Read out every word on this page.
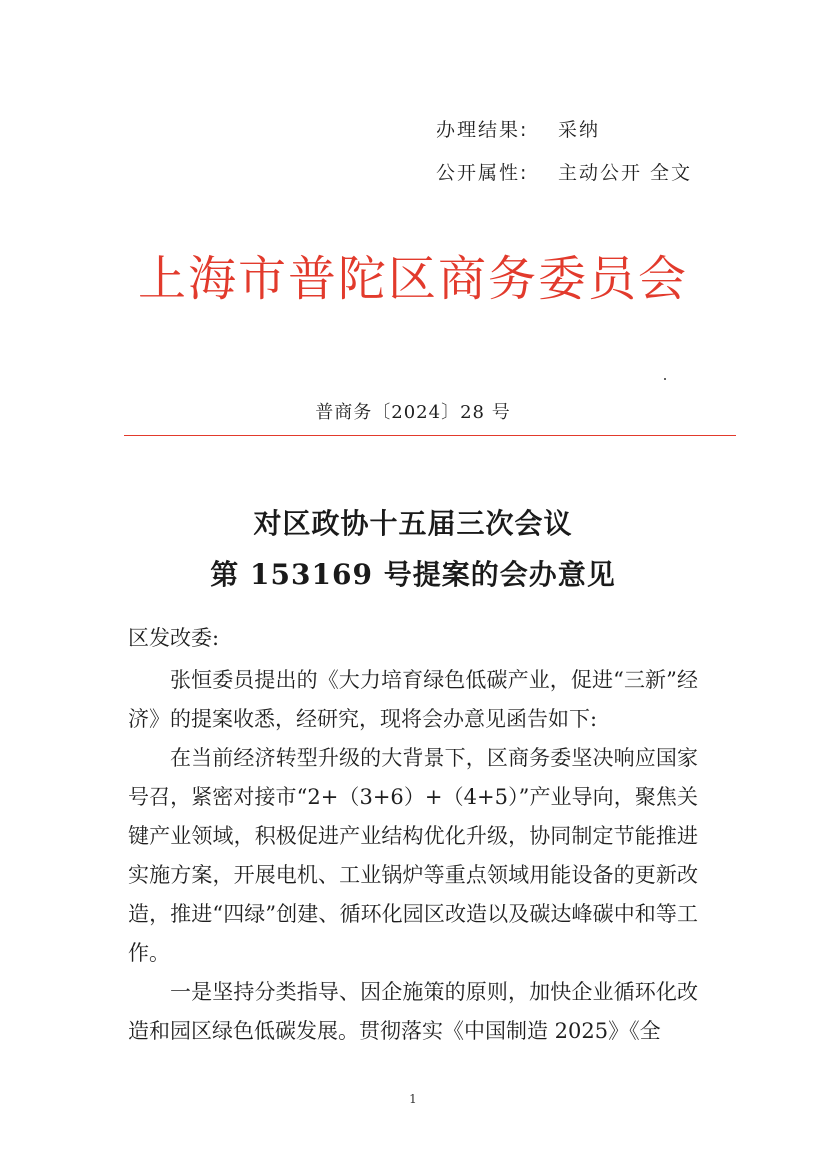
办理结果: 采纳
公开属性: 主动公开 全文
上海市普陀区商务委员会
普商务〔2024〕28 号
对区政协十五届三次会议
第 153169 号提案的会办意见
区发改委:

张恒委员提出的《大力培育绿色低碳产业，促进“三新”经济》的提案收悉，经研究，现将会办意见函告如下:

在当前经济转型升级的大背景下，区商务委坚决响应国家号召，紧密对接市“2+（3+6）+（4+5）”产业导向，聚焦关键产业领域，积极促进产业结构优化升级，协同制定节能推进实施方案，开展电机、工业锅炉等重点领域用能设备的更新改造，推进“四绿”创建、循环化园区改造以及碳达峰碳中和等工作。

一是坚持分类指导、因企施策的原则，加快企业循环化改造和园区绿色低碳发展。贯彻落实《中国制造 2025》《全

1
